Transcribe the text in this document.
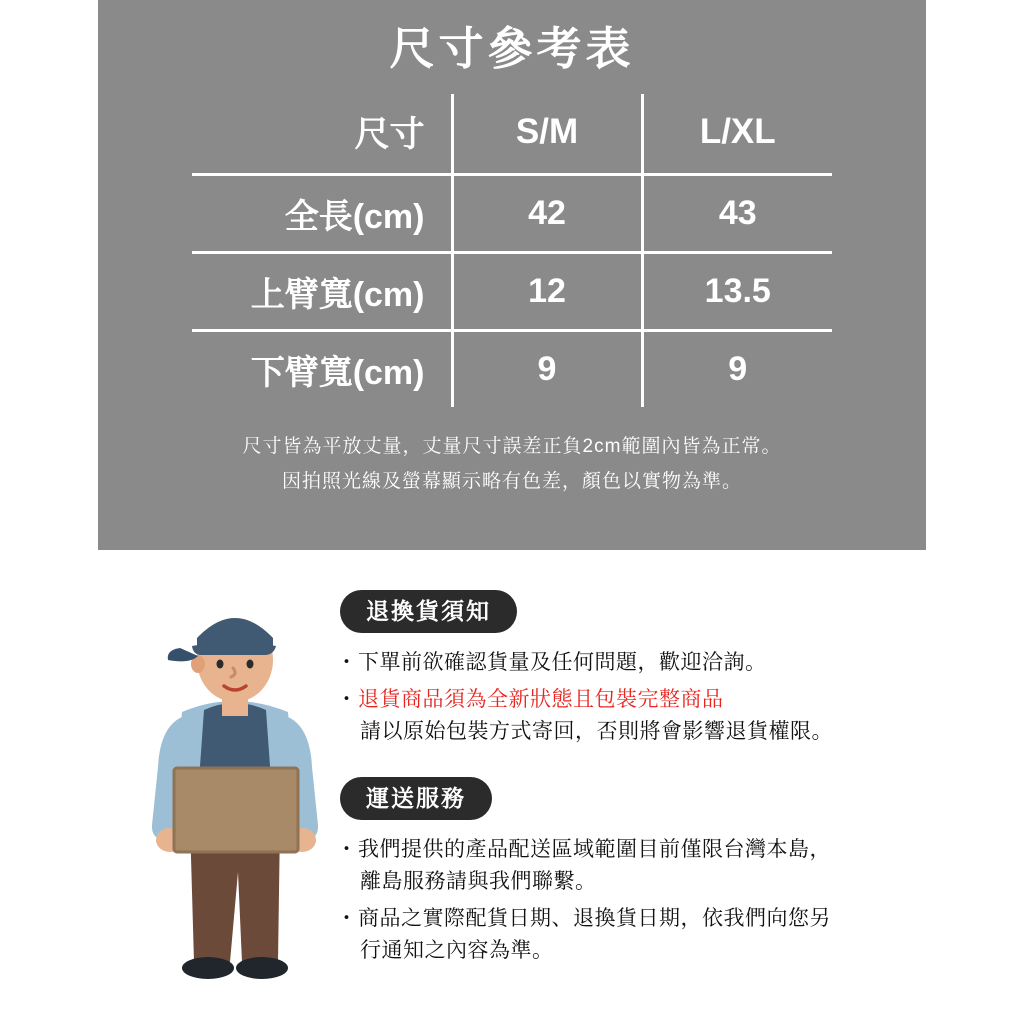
尺寸參考表
尺寸	S/M	L/XL
全長(cm)	42	43
上臂寬(cm)	12	13.5
下臂寬(cm)	9	9
尺寸皆為平放丈量，丈量尺寸誤差正負2cm範圍內皆為正常。
因拍照光線及螢幕顯示略有色差，顏色以實物為準。
退換貨須知
・ 下單前欲確認貨量及任何問題，歡迎洽詢。
・ 退貨商品須為全新狀態且包裝完整商品
請以原始包裝方式寄回，否則將會影響退貨權限。
運送服務
・ 我們提供的產品配送區域範圍目前僅限台灣本島，
離島服務請與我們聯繫。
・ 商品之實際配貨日期、退換貨日期，依我們向您另
行通知之內容為準。
